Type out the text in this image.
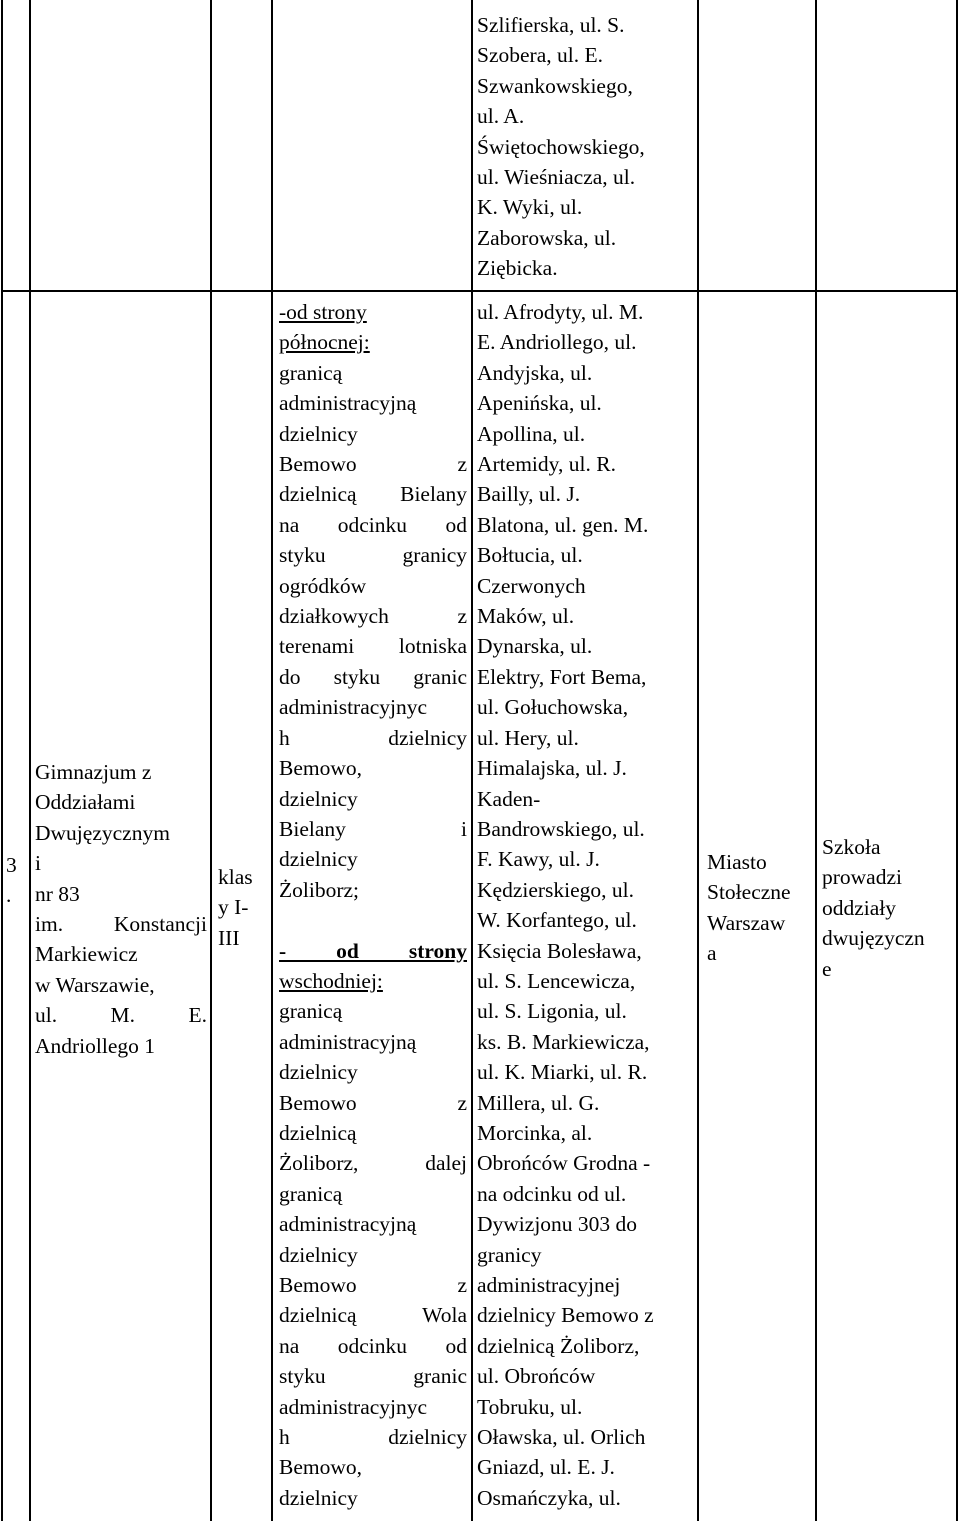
Szlifierska, ul. S.
Szobera, ul. E.
Szwankowskiego,
ul. A.
Świętochowskiego,
ul. Wieśniacza, ul.
K. Wyki, ul.
Zaborowska, ul.
Ziębicka.
3
.
Gimnazjum z
Oddziałami
Dwujęzycznym
i
nr 83
im. Konstancji
Markiewicz
w Warszawie,
ul. M. E.
Andriollego 1
klas
y I-
III
-od strony
północnej:
granicą
administracyjną
dzielnicy
Bemowo z
dzielnicą Bielany
na odcinku od
styku granicy
ogródków
działkowych z
terenami lotniska
do styku granic
administracyjnyc
h dzielnicy
Bemowo,
dzielnicy
Bielany i
dzielnicy
Żoliborz;

- od strony
wschodniej:
granicą
administracyjną
dzielnicy
Bemowo z
dzielnicą
Żoliborz, dalej
granicą
administracyjną
dzielnicy
Bemowo z
dzielnicą Wola
na odcinku od
styku granic
administracyjnyc
h dzielnicy
Bemowo,
dzielnicy
ul. Afrodyty, ul. M.
E. Andriollego, ul.
Andyjska, ul.
Apenińska, ul.
Apollina, ul.
Artemidy, ul. R.
Bailly, ul. J.
Blatona, ul. gen. M.
Bołtucia, ul.
Czerwonych
Maków, ul.
Dynarska, ul.
Elektry, Fort Bema,
ul. Gołuchowska,
ul. Hery, ul.
Himalajska, ul. J.
Kaden-
Bandrowskiego, ul.
F. Kawy, ul. J.
Kędzierskiego, ul.
W. Korfantego, ul.
Księcia Bolesława,
ul. S. Lencewicza,
ul. S. Ligonia, ul.
ks. B. Markiewicza,
ul. K. Miarki, ul. R.
Millera, ul. G.
Morcinka, al.
Obrońców Grodna -
na odcinku od ul.
Dywizjonu 303 do
granicy
administracyjnej
dzielnicy Bemowo z
dzielnicą Żoliborz,
ul. Obrońców
Tobruku, ul.
Oławska, ul. Orlich
Gniazd, ul. E. J.
Osmańczyka, ul.
Miasto
Stołeczne
Warszaw
a
Szkoła
prowadzi
oddziały
dwujęzyczn
e
